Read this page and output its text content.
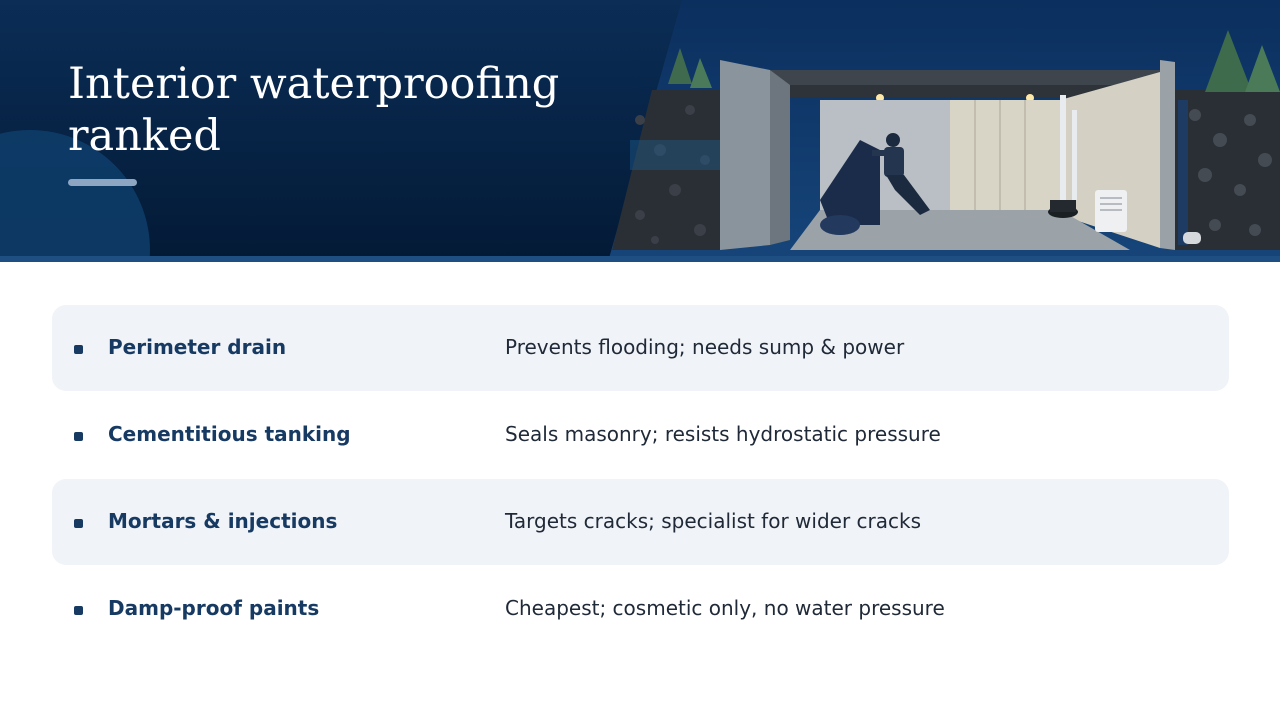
Interior waterproofing ranked
Perimeter drain	Prevents flooding; needs sump & power
Cementitious tanking	Seals masonry; resists hydrostatic pressure
Mortars & injections	Targets cracks; specialist for wider cracks
Damp-proof paints	Cheapest; cosmetic only, no water pressure
